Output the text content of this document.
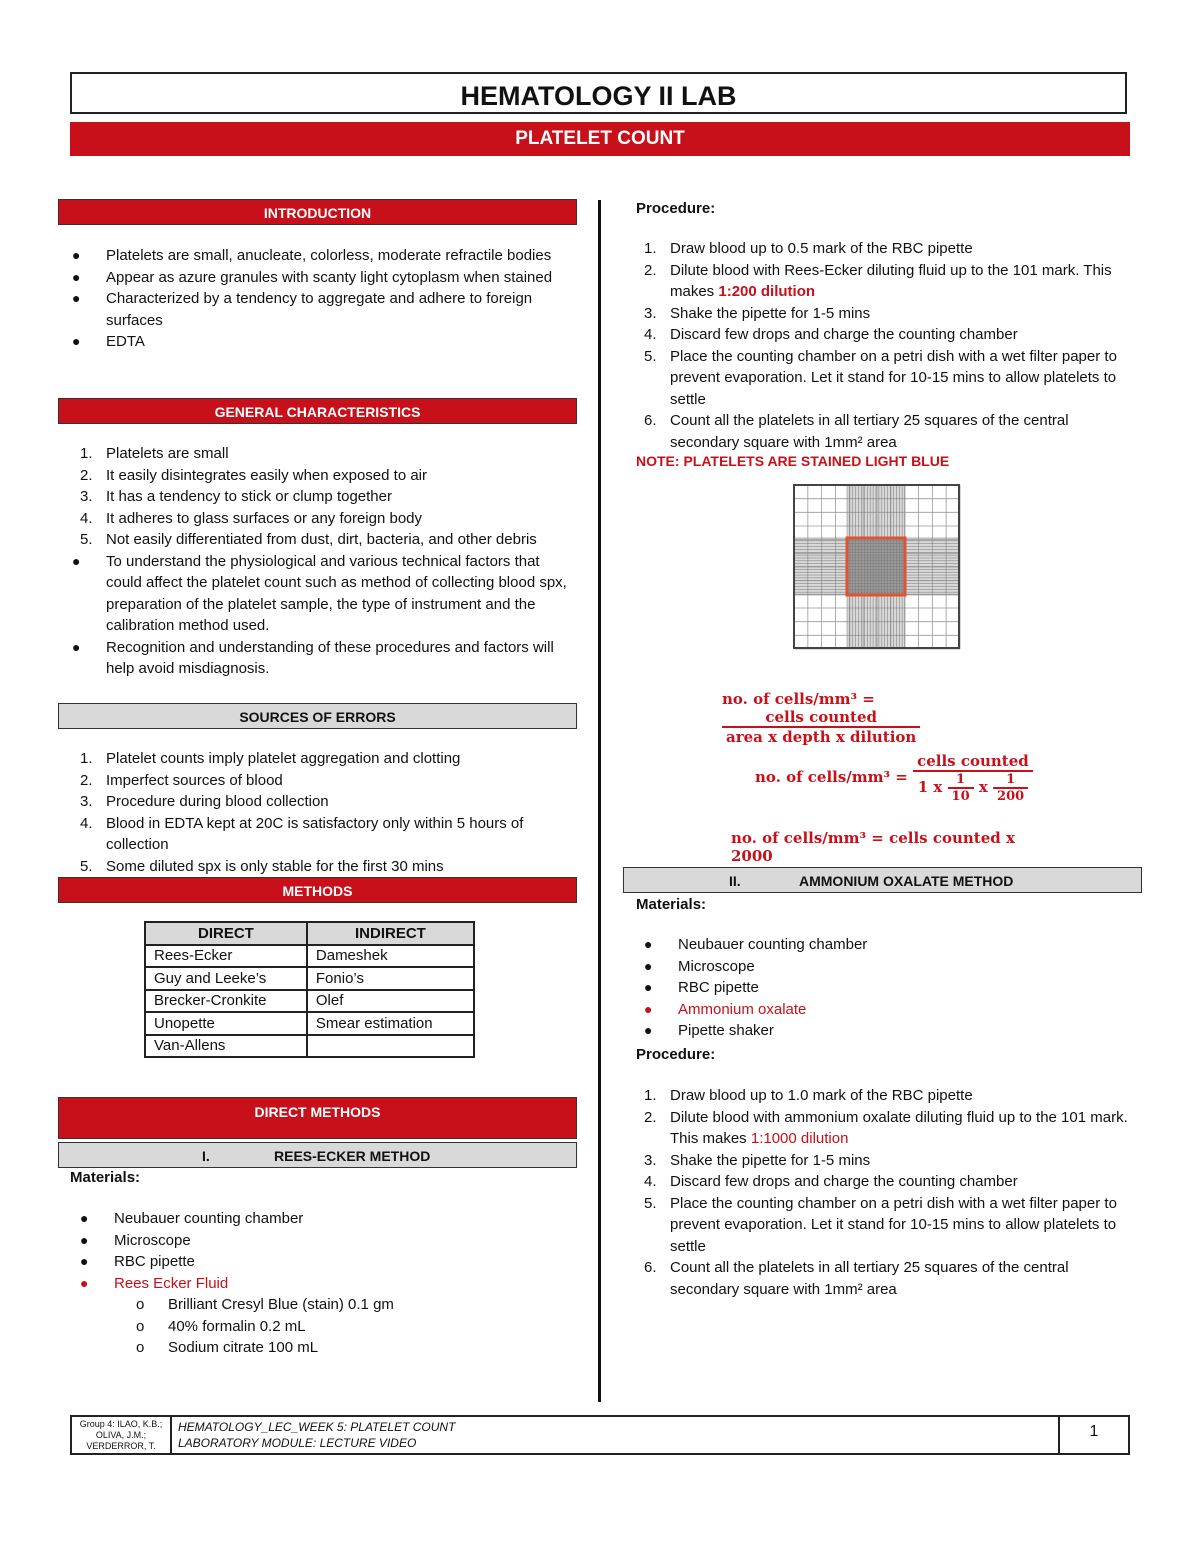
HEMATOLOGY II LAB
PLATELET COUNT
INTRODUCTION
●	Platelets are small, anucleate, colorless, moderate refractile bodies
●	Appear as azure granules with scanty light cytoplasm when stained
●	Characterized by a tendency to aggregate and adhere to foreign surfaces
●	EDTA
GENERAL CHARACTERISTICS
1. Platelets are small
2. It easily disintegrates easily when exposed to air
3. It has a tendency to stick or clump together
4. It adheres to glass surfaces or any foreign body
5. Not easily differentiated from dust, dirt, bacteria, and other debris
●	To understand the physiological and various technical factors that could affect the platelet count such as method of collecting blood spx, preparation of the platelet sample, the type of instrument and the calibration method used.
●	Recognition and understanding of these procedures and factors will help avoid misdiagnosis.
SOURCES OF ERRORS
1. Platelet counts imply platelet aggregation and clotting
2. Imperfect sources of blood
3. Procedure during blood collection
4. Blood in EDTA kept at 20C is satisfactory only within 5 hours of collection
5. Some diluted spx is only stable for the first 30 mins
METHODS
DIRECT	INDIRECT
Rees-Ecker	Dameshek
Guy and Leeke’s	Fonio’s
Brecker-Cronkite	Olef
Unopette	Smear estimation
Van-Allens	
DIRECT METHODS
I.	REES-ECKER METHOD
Materials:
●	Neubauer counting chamber
●	Microscope
●	RBC pipette
●	Rees Ecker Fluid
o	Brilliant Cresyl Blue (stain) 0.1 gm
o	40% formalin 0.2 mL
o	Sodium citrate 100 mL
Procedure:
1. Draw blood up to 0.5 mark of the RBC pipette
2. Dilute blood with Rees-Ecker diluting fluid up to the 101 mark. This makes 1:200 dilution
3. Shake the pipette for 1-5 mins
4. Discard few drops and charge the counting chamber
5. Place the counting chamber on a petri dish with a wet filter paper to prevent evaporation. Let it stand for 10-15 mins to allow platelets to settle
6. Count all the platelets in all tertiary 25 squares of the central secondary square with 1mm² area
NOTE: PLATELETS ARE STAINED LIGHT BLUE
no. of cells/mm³ =
$\frac{\text{cells counted}}{\text{area x depth x dilution}}$
no. of cells/mm³ = $\frac{\text{cells counted}}{1 x \frac{1}{10} x \frac{1}{200}}$
no. of cells/mm³ = cells counted x 2000
II.	AMMONIUM OXALATE METHOD
Materials:
●	Neubauer counting chamber
●	Microscope
●	RBC pipette
●	Ammonium oxalate
●	Pipette shaker
Procedure:
1. Draw blood up to 1.0 mark of the RBC pipette
2. Dilute blood with ammonium oxalate diluting fluid up to the 101 mark. This makes 1:1000 dilution
3. Shake the pipette for 1-5 mins
4. Discard few drops and charge the counting chamber
5. Place the counting chamber on a petri dish with a wet filter paper to prevent evaporation. Let it stand for 10-15 mins to allow platelets to settle
6. Count all the platelets in all tertiary 25 squares of the central secondary square with 1mm² area
Group 4: ILAO, K.B.; OLIVA, J.M.; VERDERROR, T.
HEMATOLOGY_LEC_WEEK 5: PLATELET COUNT
LABORATORY MODULE: LECTURE VIDEO
1
